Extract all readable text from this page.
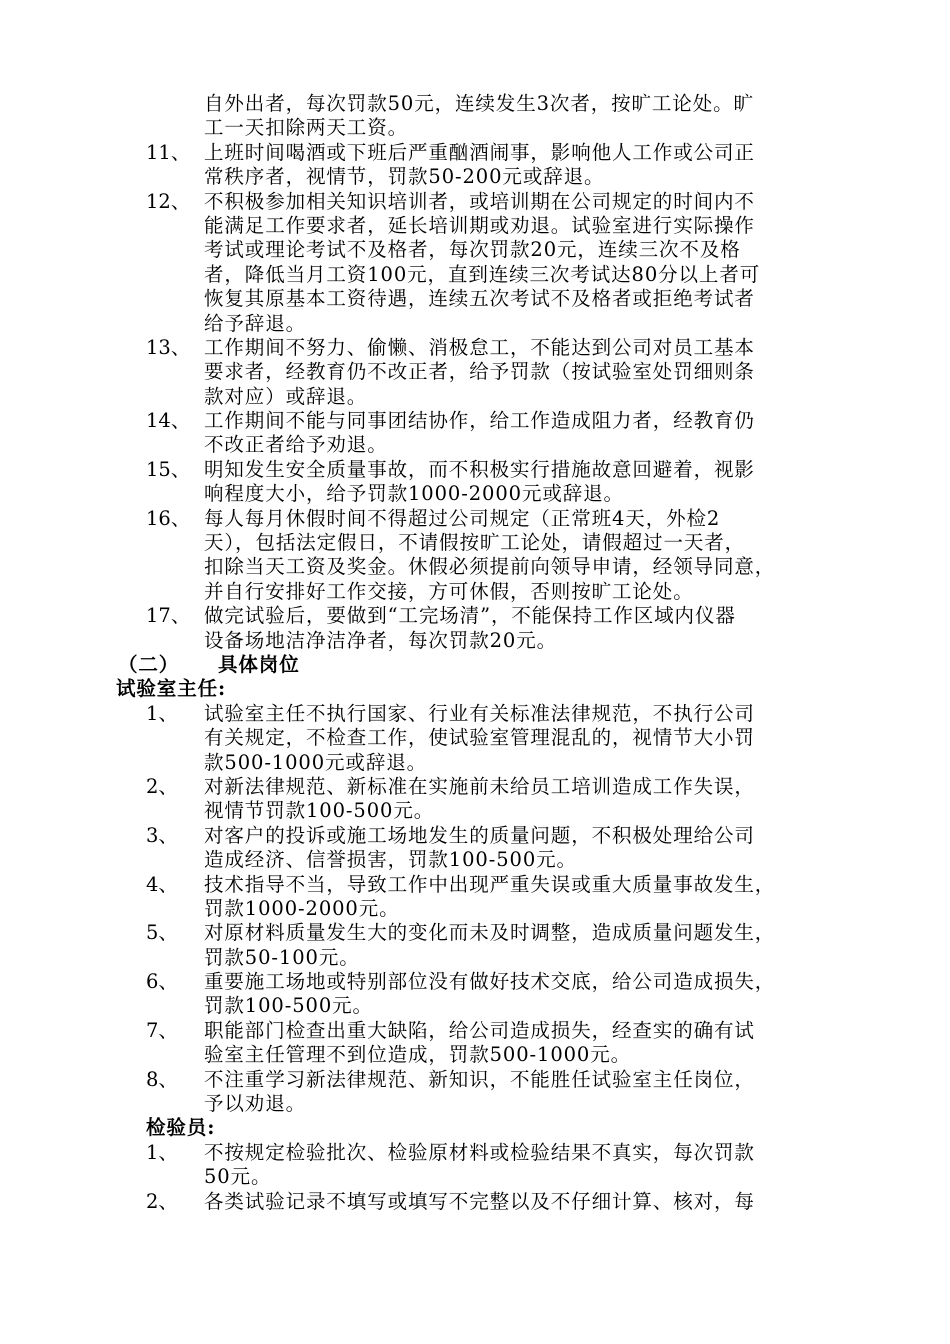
自外出者，每次罚款50元，连续发生3次者，按旷工论处。旷
工一天扣除两天工资。
11、 上班时间喝酒或下班后严重酗酒闹事，影响他人工作或公司正
常秩序者，视情节，罚款50-200元或辞退。
12、 不积极参加相关知识培训者，或培训期在公司规定的时间内不
能满足工作要求者，延长培训期或劝退。试验室进行实际操作
考试或理论考试不及格者，每次罚款20元，连续三次不及格
者，降低当月工资100元，直到连续三次考试达80分以上者可
恢复其原基本工资待遇，连续五次考试不及格者或拒绝考试者
给予辞退。
13、 工作期间不努力、偷懒、消极怠工，不能达到公司对员工基本
要求者，经教育仍不改正者，给予罚款（按试验室处罚细则条
款对应）或辞退。
14、 工作期间不能与同事团结协作，给工作造成阻力者，经教育仍
不改正者给予劝退。
15、 明知发生安全质量事故，而不积极实行措施故意回避着，视影
响程度大小，给予罚款1000-2000元或辞退。
16、 每人每月休假时间不得超过公司规定（正常班4天，外检2
天），包括法定假日，不请假按旷工论处，请假超过一天者，
扣除当天工资及奖金。休假必须提前向领导申请，经领导同意，
并自行安排好工作交接，方可休假，否则按旷工论处。
17、 做完试验后，要做到“工完场清”，不能保持工作区域内仪器
设备场地洁净洁净者，每次罚款20元。
（二） 具体岗位
试验室主任:
1、 试验室主任不执行国家、行业有关标准法律规范，不执行公司
有关规定，不检查工作，使试验室管理混乱的，视情节大小罚
款500-1000元或辞退。
2、 对新法律规范、新标准在实施前未给员工培训造成工作失误，
视情节罚款100-500元。
3、 对客户的投诉或施工场地发生的质量问题，不积极处理给公司
造成经济、信誉损害，罚款100-500元。
4、 技术指导不当，导致工作中出现严重失误或重大质量事故发生，
罚款1000-2000元。
5、 对原材料质量发生大的变化而未及时调整，造成质量问题发生，
罚款50-100元。
6、 重要施工场地或特别部位没有做好技术交底，给公司造成损失，
罚款100-500元。
7、 职能部门检查出重大缺陷，给公司造成损失，经查实的确有试
验室主任管理不到位造成，罚款500-1000元。
8、 不注重学习新法律规范、新知识，不能胜任试验室主任岗位，
予以劝退。
检验员:
1、 不按规定检验批次、检验原材料或检验结果不真实，每次罚款
50元。
2、 各类试验记录不填写或填写不完整以及不仔细计算、核对，每
